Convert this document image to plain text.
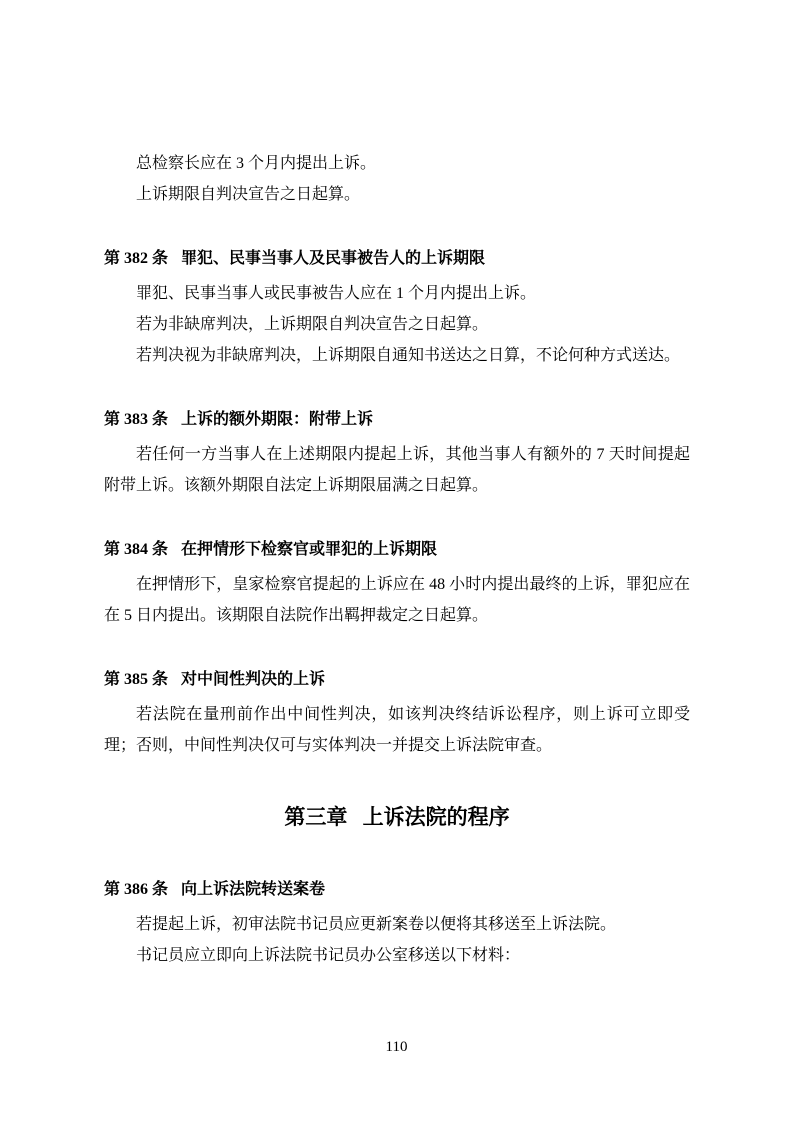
总检察长应在 3 个月内提出上诉。

上诉期限自判决宣告之日起算。

第 382 条 罪犯、民事当事人及民事被告人的上诉期限

罪犯、民事当事人或民事被告人应在 1 个月内提出上诉。

若为非缺席判决，上诉期限自判决宣告之日起算。

若判决视为非缺席判决，上诉期限自通知书送达之日算，不论何种方式送达。

第 383 条 上诉的额外期限：附带上诉

若任何一方当事人在上述期限内提起上诉，其他当事人有额外的 7 天时间提起附带上诉。该额外期限自法定上诉期限届满之日起算。

第 384 条 在押情形下检察官或罪犯的上诉期限

在押情形下，皇家检察官提起的上诉应在 48 小时内提出最终的上诉，罪犯应在在 5 日内提出。该期限自法院作出羁押裁定之日起算。

第 385 条 对中间性判决的上诉

若法院在量刑前作出中间性判决，如该判决终结诉讼程序，则上诉可立即受理；否则，中间性判决仅可与实体判决一并提交上诉法院审查。

第三章 上诉法院的程序
第 386 条 向上诉法院转送案卷

若提起上诉，初审法院书记员应更新案卷以便将其移送至上诉法院。

书记员应立即向上诉法院书记员办公室移送以下材料：

110
